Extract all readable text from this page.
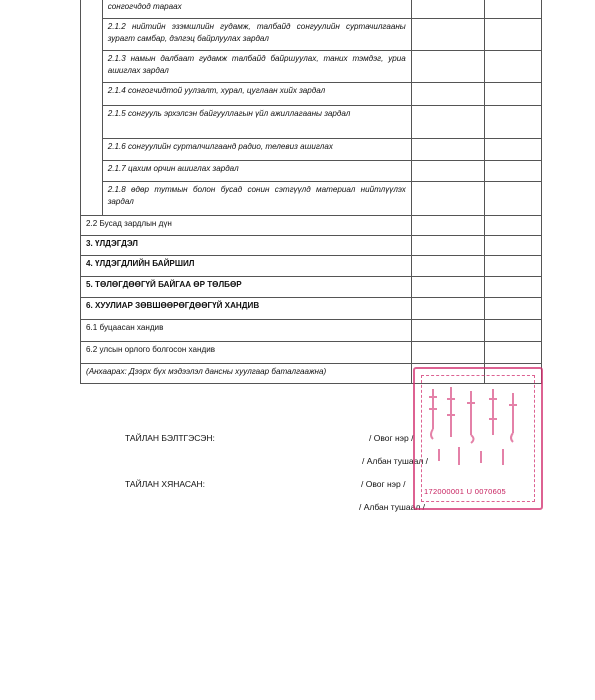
	сонгогчдод тарааx		
	2.1.2 нийтийн эзэмшлийн гудамж, талбайд сонгуулийн суртачилгааны зурагт самбар, дэлгэц байрлуулах зардал		
	2.1.3 намын далбаат гудамж талбайд байршуулах, таних тэмдэг, уриа ашиглах зардал		
	2.1.4 сонгогчидтой уулзалт, хурал, цуглаан хийх зардал		
	2.1.5 сонгууль эрхэлсэн байгууллагын үйл ажиллагааны зардал		
	2.1.6 сонгуулийн сурталчилгаанд радио, телевиз ашиглах		
	2.1.7 цахим орчин ашиглах зардал		
	2.1.8 өдөр тутмын болон бусад сонин сэтгүүлд материал нийтлүүлэх зардал		
2.2 Бусад зардлын дүн			
3. ҮЛДЭГДЭЛ			
4. ҮЛДЭГДЛИЙН БАЙРШИЛ			
5. ТӨЛӨГДӨӨГҮЙ БАЙГАА ӨР ТӨЛБӨР			
6. ХУУЛИАР ЗӨВШӨӨРӨГДӨӨГҮЙ ХАНДИВ			
6.1 буцаасан хандив			
6.2 улсын орлого болгосон хандив			
(Анхаарах: Дээрх бүх мэдээлэл дансны хуулгаар баталгаажна)			
ТАЙЛАН БЭЛТГЭСЭН:	/ Овог нэр /
/ Албан тушаал /
ТАЙЛАН ХЯНАСАН:	/ Овог нэр /
/ Албан тушаал /
172000001 U 0070605
